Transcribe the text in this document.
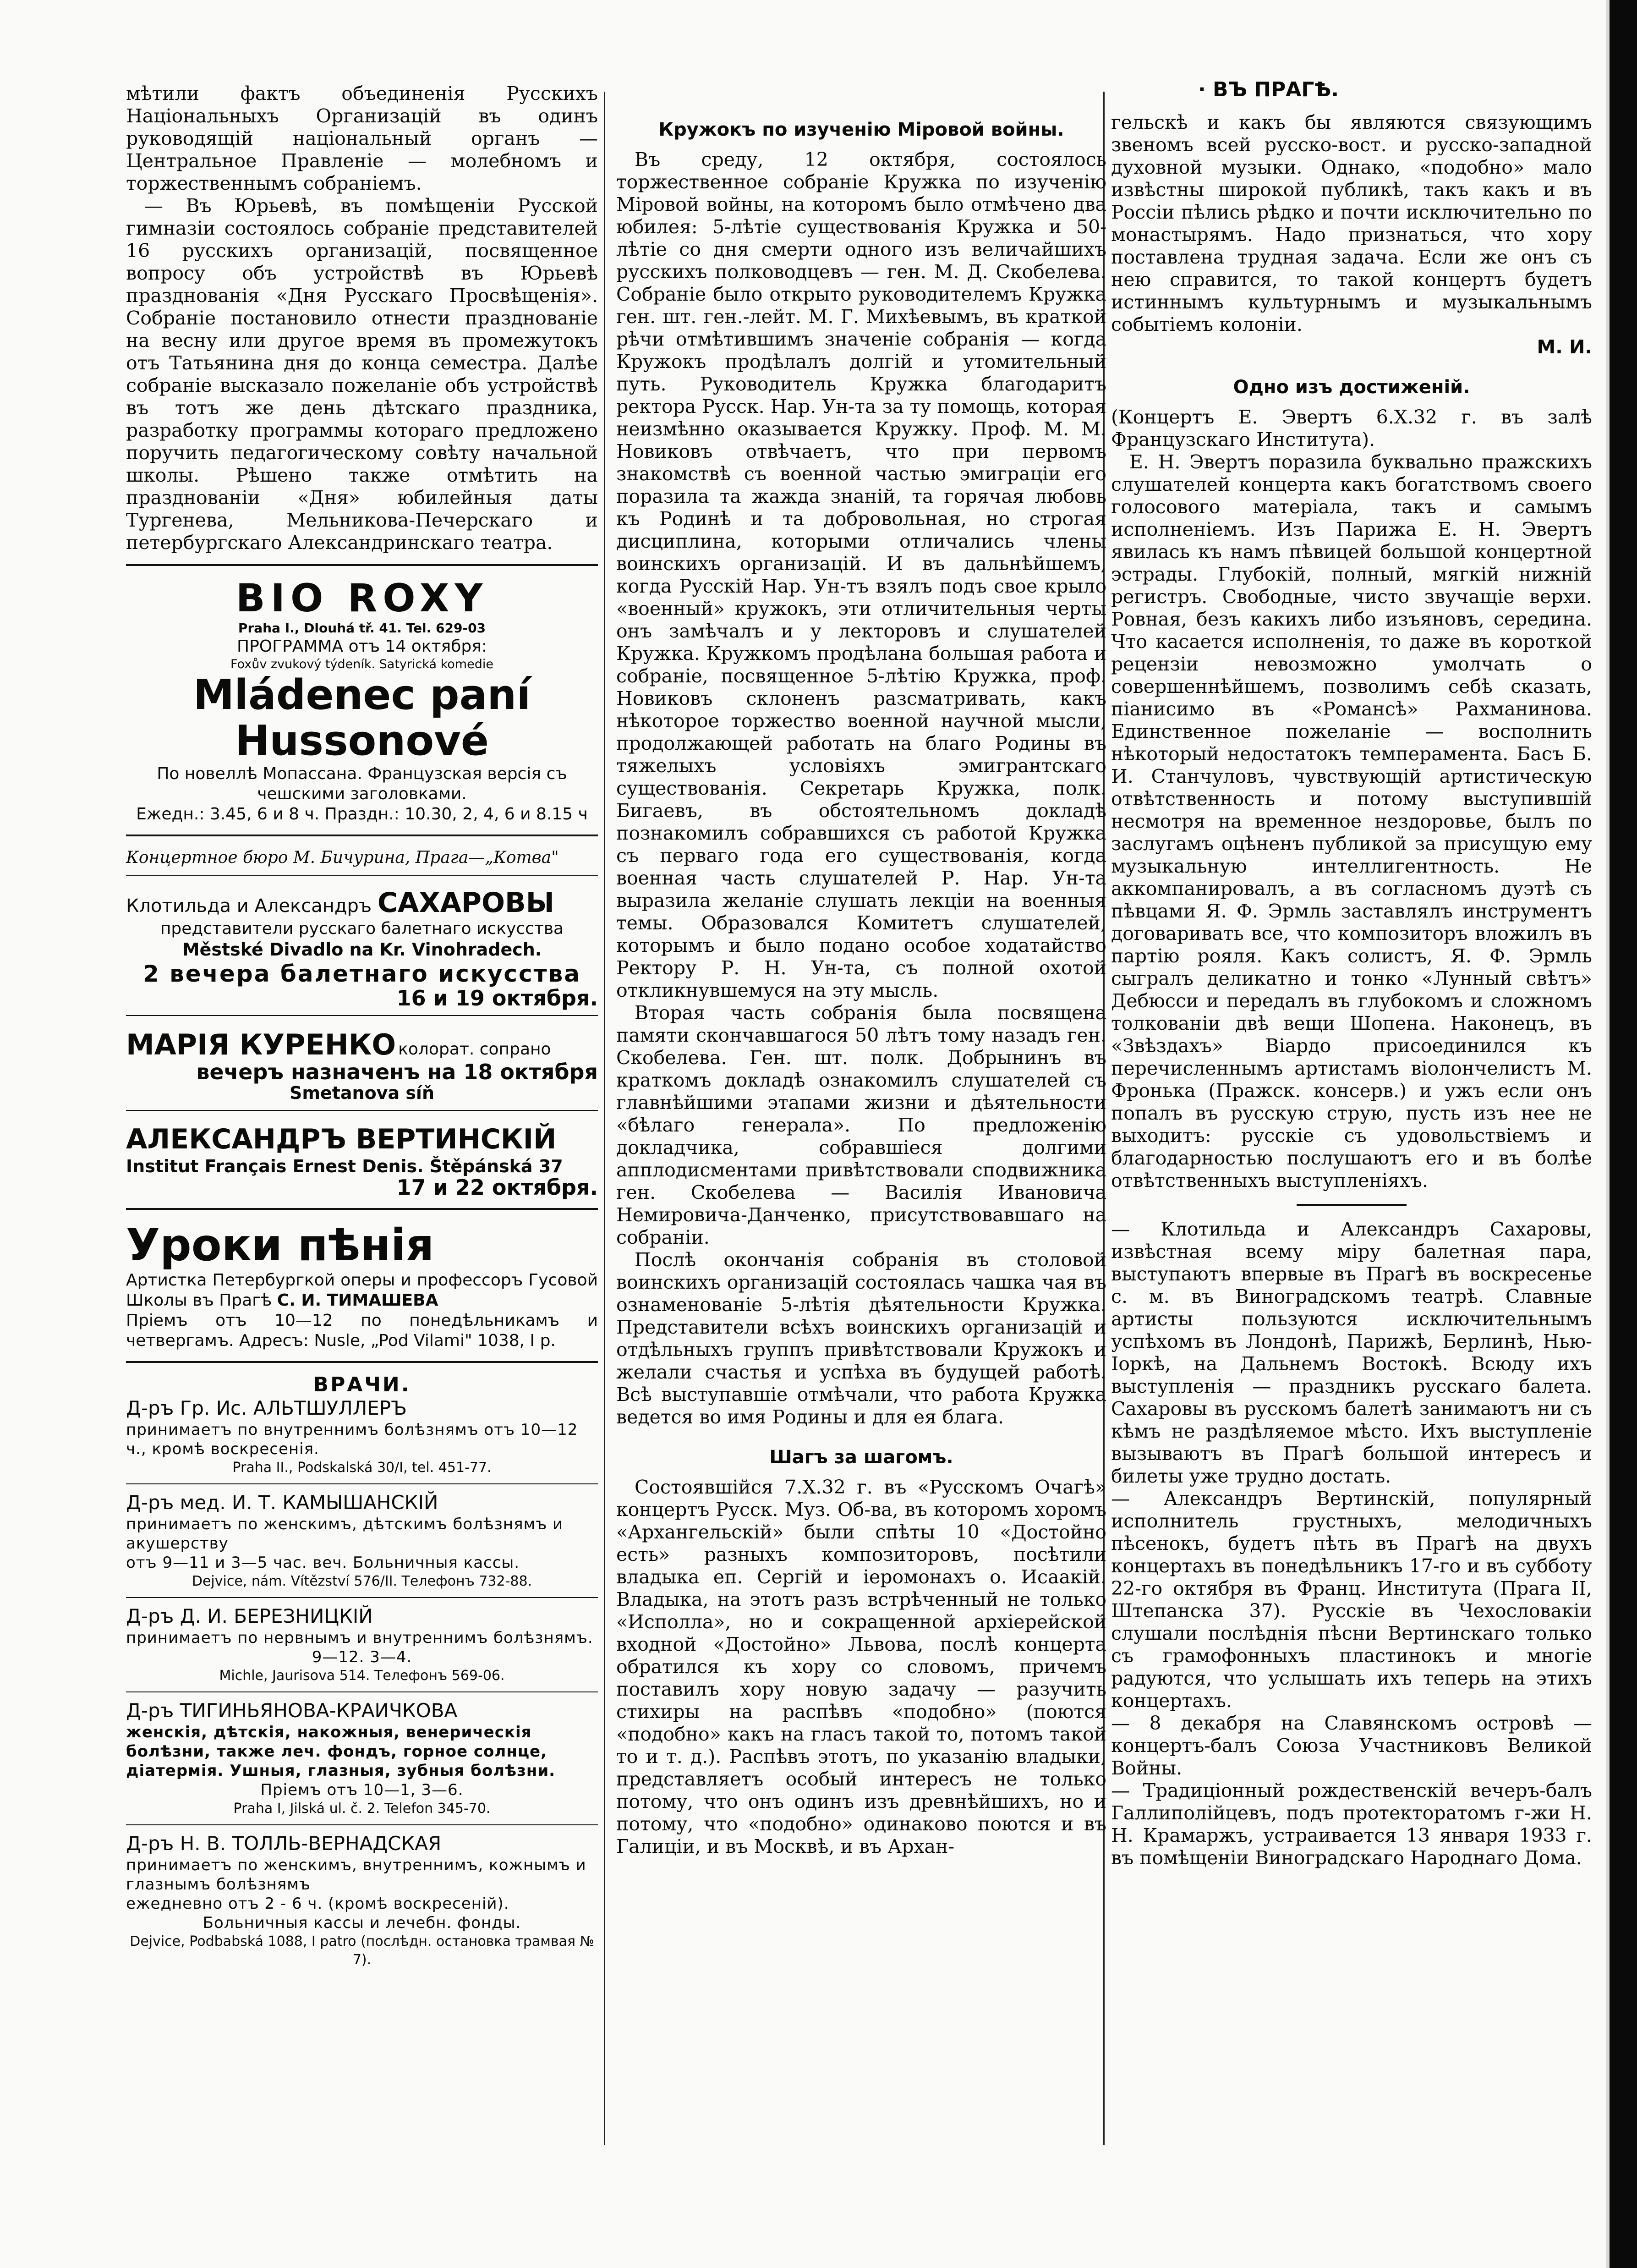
мѣтили фактъ объединенія Русскихъ Національныхъ Организацій въ одинъ руководящій національный органъ — Центральное Правленіе — молебномъ и торжественнымъ собраніемъ.

— Въ Юрьевѣ, въ помѣщеніи Русской гимназіи состоялось собраніе представителей 16 русскихъ организацій, посвященное вопросу объ устройствѣ въ Юрьевѣ празднованія «Дня Русскаго Просвѣщенія». Собраніе постановило отнести празднованіе на весну или другое время въ промежутокъ отъ Татьянина дня до конца семестра. Далѣе собраніе высказало пожеланіе объ устройствѣ въ тотъ же день дѣтскаго праздника, разработку программы котораго предложено поручить педагогическому совѣту начальной школы. Рѣшено также отмѣтить на празднованіи «Дня» юбилейныя даты Тургенева, Мельникова-Печерскаго и петербургскаго Александринскаго театра.

BIO ROXY
Praha I., Dlouhá tř. 41. Tel. 629-03
ПРОГРАММА отъ 14 октября:
Foxův zvukový týdeník. Satyrická komedie
Mládenec paní Hussonové
По новеллѣ Мопассана. Французская версія съ чешскими заголовками.
Ежедн.: 3.45, 6 и 8 ч. Праздн.: 10.30, 2, 4, 6 и 8.15 ч

Концертное бюро М. Бичурина, Прага—„Котва"

Клотильда и Александръ САХАРОВЫ
представители русскаго балетнаго искусства
Městské Divadlo na Kr. Vinohradech.
2 вечера балетнаго искусства
16 и 19 октября.
МАРІЯ КУРЕНКО колорат. сопрано
вечеръ назначенъ на 18 октября
Smetanova síň
АЛЕКСАНДРЪ ВЕРТИНСКІЙ
Institut Français Ernest Denis. Štěpánská 37
17 и 22 октября.
Уроки пѣнія
Артистка Петербургкой оперы и профессоръ Гусовой Школы въ Прагѣ С. И. ТИМАШЕВА
Пріемъ отъ 10—12 по понедѣльникамъ и четвергамъ. Адресъ: Nusle, „Pod Vilami" 1038, I p.
ВРАЧИ.
Д-ръ Гр. Ис. АЛЬТШУЛЛЕРЪ
принимаетъ по внутреннимъ болѣзнямъ отъ 10—12 ч., кромѣ воскресенія.
Praha II., Podskalská 30/I, tel. 451-77.
Д-ръ мед. И. Т. КАМЫШАНСКІЙ
принимаетъ по женскимъ, дѣтскимъ болѣзнямъ и акушерству
отъ 9—11 и 3—5 час. веч. Больничныя кассы.
Dejvice, nám. Vítězství 576/II. Телефонъ 732-88.
Д-ръ Д. И. БЕРЕЗНИЦКІЙ
принимаетъ по нервнымъ и внутреннимъ болѣзнямъ.
9—12. 3—4.
Michle, Jaurisova 514. Телефонъ 569-06.
Д-ръ ТИГИНЬЯНОВА-КРАИЧКОВА
женскія, дѣтскія, накожныя, венерическія болѣзни, также леч. фондъ, горное солнце, діатермія. Ушныя, глазныя, зубныя болѣзни.
Пріемъ отъ 10—1, 3—6.
Praha I, Jilská ul. č. 2. Telefon 345-70.
Д-ръ Н. В. ТОЛЛЬ-ВЕРНАДСКАЯ
принимаетъ по женскимъ, внутреннимъ, кожнымъ и глазнымъ болѣзнямъ
ежедневно отъ 2 - 6 ч. (кромѣ воскресеній).
Больничныя кассы и лечебн. фонды.
Dejvice, Podbabská 1088, I patro (послѣдн. остановка трамвая № 7).
Кружокъ по изученію Міровой войны.

Въ среду, 12 октября, состоялось торжественное собраніе Кружка по изученію Міровой войны, на которомъ было отмѣчено два юбилея: 5-лѣтіе существованія Кружка и 50-лѣтіе со дня смерти одного изъ величайшихъ русскихъ полководцевъ — ген. М. Д. Скобелева. Собраніе было открыто руководителемъ Кружка ген. шт. ген.-лейт. М. Г. Михѣевымъ, въ краткой рѣчи отмѣтившимъ значеніе собранія — когда Кружокъ продѣлалъ долгій и утомительный путь. Руководитель Кружка благодаритъ ректора Русск. Нар. Ун-та за ту помощь, которая неизмѣнно оказывается Кружку. Проф. М. М. Новиковъ отвѣчаетъ, что при первомъ знакомствѣ съ военной частью эмиграціи его поразила та жажда знаній, та горячая любовь къ Родинѣ и та добровольная, но строгая дисциплина, которыми отличались члены воинскихъ организацій. И въ дальнѣйшемъ, когда Русскій Нар. Ун-тъ взялъ подъ свое крыло «военный» кружокъ, эти отличительныя черты онъ замѣчалъ и у лекторовъ и слушателей Кружка. Кружкомъ продѣлана большая работа и собраніе, посвященное 5-лѣтію Кружка, проф. Новиковъ склоненъ разсматривать, какъ нѣкоторое торжество военной научной мысли, продолжающей работать на благо Родины въ тяжелыхъ условіяхъ эмигрантскаго существованія. Секретарь Кружка, полк. Бигаевъ, въ обстоятельномъ докладѣ познакомилъ собравшихся съ работой Кружка съ перваго года его существованія, когда военная часть слушателей Р. Нар. Ун-та выразила желаніе слушать лекціи на военныя темы. Образовался Комитетъ слушателей, которымъ и было подано особое ходатайство Ректору Р. Н. Ун-та, съ полной охотой откликнувшемуся на эту мысль.

Вторая часть собранія была посвящена памяти скончавшагося 50 лѣтъ тому назадъ ген. Скобелева. Ген. шт. полк. Добрынинъ въ краткомъ докладѣ ознакомилъ слушателей съ главнѣйшими этапами жизни и дѣятельности «бѣлаго генерала». По предложенію докладчика, собравшіеся долгими апплодисментами привѣтствовали сподвижника ген. Скобелева — Василія Ивановича Немировича-Данченко, присутствовавшаго на собраніи.

Послѣ окончанія собранія въ столовой воинскихъ организацій состоялась чашка чая въ ознаменованіе 5-лѣтія дѣятельности Кружка. Представители всѣхъ воинскихъ организацій и отдѣльныхъ группъ привѣтствовали Кружокъ и желали счастья и успѣха въ будущей работѣ. Всѣ выступавшіе отмѣчали, что работа Кружка ведется во имя Родины и для ея блага.

Шагъ за шагомъ.

Состоявшійся 7.X.32 г. въ «Русскомъ Очагѣ» концертъ Русск. Муз. Об-ва, въ которомъ хоромъ «Архангельскій» были спѣты 10 «Достойно есть» разныхъ композиторовъ, посѣтили владыка еп. Сергій и іеромонахъ о. Исаакій. Владыка, на этотъ разъ встрѣченный не только «Исполла», но и сокращенной архіерейской входной «Достойно» Львова, послѣ концерта обратился къ хору со словомъ, причемъ поставилъ хору новую задачу — разучить стихиры на распѣвъ «подобно» (поются «подобно» какъ на гласъ такой то, потомъ такой то и т. д.). Распѣвъ этотъ, по указанію владыки, представляетъ особый интересъ не только потому, что онъ одинъ изъ древнѣйшихъ, но и потому, что «подобно» одинаково поются и въ Галиціи, и въ Москвѣ, и въ Архан-

· ВЪ ПРАГѢ.

гельскѣ и какъ бы являются связующимъ звеномъ всей русско-вост. и русско-западной духовной музыки. Однако, «подобно» мало извѣстны широкой публикѣ, такъ какъ и въ Россіи пѣлись рѣдко и почти исключительно по монастырямъ. Надо признаться, что хору поставлена трудная задача. Если же онъ съ нею справится, то такой концертъ будетъ истиннымъ культурнымъ и музыкальнымъ событіемъ колоніи.

М. И.

Одно изъ достиженій.

(Концертъ Е. Эвертъ 6.X.32 г. въ залѣ Французскаго Института).

Е. Н. Эвертъ поразила буквально пражскихъ слушателей концерта какъ богатствомъ своего голосового матеріала, такъ и самымъ исполненіемъ. Изъ Парижа Е. Н. Эвертъ явилась къ намъ пѣвицей большой концертной эстрады. Глубокій, полный, мягкій нижній регистръ. Свободные, чисто звучащіе верхи. Ровная, безъ какихъ либо изъяновъ, середина. Что касается исполненія, то даже въ короткой рецензіи невозможно умолчать о совершеннѣйшемъ, позволимъ себѣ сказать, піанисимо въ «Романсѣ» Рахманинова. Единственное пожеланіе — восполнить нѣкоторый недостатокъ темперамента. Басъ Б. И. Станчуловъ, чувствующій артистическую отвѣтственность и потому выступившій несмотря на временное нездоровье, былъ по заслугамъ оцѣненъ публикой за присущую ему музыкальную интеллигентность. Не аккомпанировалъ, а въ согласномъ дуэтѣ съ пѣвцами Я. Ф. Эрмль заставлялъ инструментъ договаривать все, что композиторъ вложилъ въ партію рояля. Какъ солистъ, Я. Ф. Эрмль сыгралъ деликатно и тонко «Лунный свѣтъ» Дебюсси и передалъ въ глубокомъ и сложномъ толкованіи двѣ вещи Шопена. Наконецъ, въ «Звѣздахъ» Віардо присоединился къ перечисленнымъ артистамъ віолончелистъ М. Фронька (Пражск. консерв.) и ужъ если онъ попалъ въ русскую струю, пусть изъ нее не выходитъ: русскіе съ удовольствіемъ и благодарностью послушаютъ его и въ болѣе отвѣтственныхъ выступленіяхъ.

— Клотильда и Александръ Сахаровы, извѣстная всему міру балетная пара, выступаютъ впервые въ Прагѣ въ воскресенье с. м. въ Виноградскомъ театрѣ. Славные артисты пользуются исключительнымъ успѣхомъ въ Лондонѣ, Парижѣ, Берлинѣ, Нью-Іоркѣ, на Дальнемъ Востокѣ. Всюду ихъ выступленія — праздникъ русскаго балета. Сахаровы въ русскомъ балетѣ занимаютъ ни съ кѣмъ не раздѣляемое мѣсто. Ихъ выступленіе вызываютъ въ Прагѣ большой интересъ и билеты уже трудно достать.

— Александръ Вертинскій, популярный исполнитель грустныхъ, мелодичныхъ пѣсенокъ, будетъ пѣть въ Прагѣ на двухъ концертахъ въ понедѣльникъ 17-го и въ субботу 22-го октября въ Франц. Института (Прага II, Штепанска 37). Русскіе въ Чехословакіи слушали послѣднія пѣсни Вертинскаго только съ грамофонныхъ пластинокъ и многіе радуются, что услышать ихъ теперь на этихъ концертахъ.

— 8 декабря на Славянскомъ островѣ — концертъ-балъ Союза Участниковъ Великой Войны.

— Традиціонный рождественскій вечеръ-балъ Галлиполійцевъ, подъ протекторатомъ г-жи Н. Н. Крамаржъ, устраивается 13 января 1933 г. въ помѣщеніи Виноградскаго Народнаго Дома.
